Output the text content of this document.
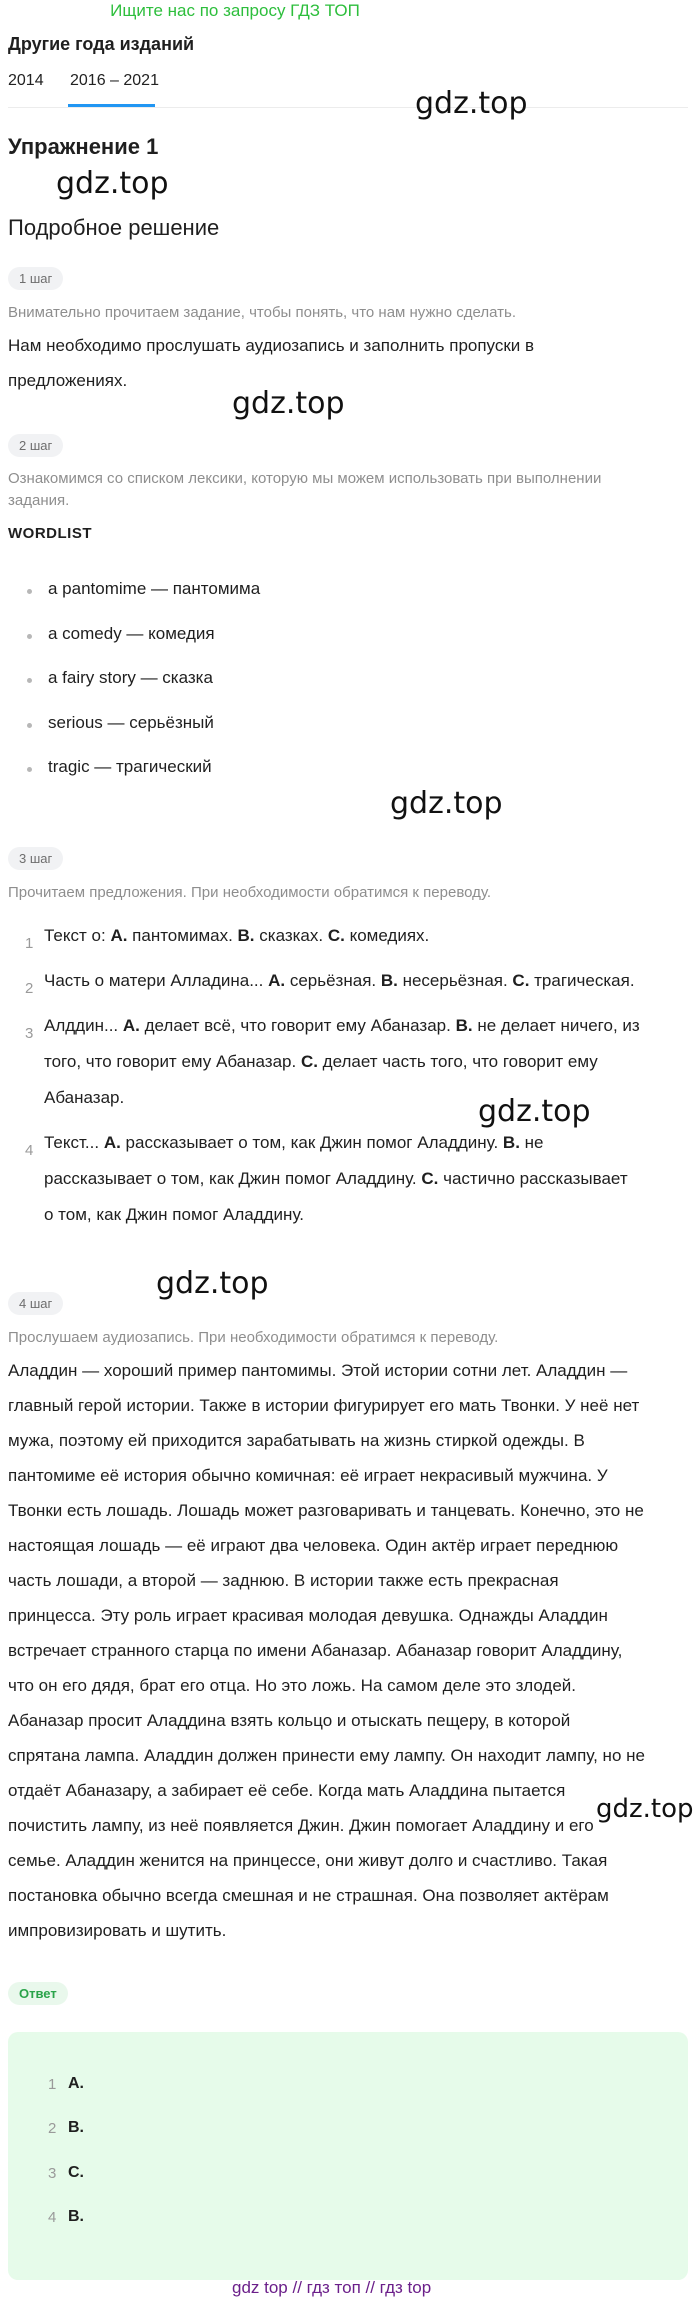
Ищите нас по запросу ГДЗ ТОП
Другие года изданий
2014 2016 – 2021
gdz.top
gdz.top
gdz.top
gdz.top
gdz.top
gdz.top
gdz.top
Упражнение 1
Подробное решение
1 шаг
Внимательно прочитаем задание, чтобы понять, что нам нужно сделать.
Нам необходимо прослушать аудиозапись и заполнить пропуски в
предложениях.
2 шаг
Ознакомимся со списком лексики, которую мы можем использовать при выполнении
задания.
WORDLIST
a pantomime — пантомима
a comedy — комедия
a fairy story — сказка
serious — серьёзный
tragic — трагический
3 шаг
Прочитаем предложения. При необходимости обратимся к переводу.
1 Текст о: A. пантомимах. B. сказках. C. комедиях.
2 Часть о матери Алладина... A. серьёзная. B. несерьёзная. C. трагическая.
3 Алддин... A. делает всё, что говорит ему Абаназар. B. не делает ничего, из
того, что говорит ему Абаназар. C. делает часть того, что говорит ему
Абаназар.
4 Текст... A. рассказывает о том, как Джин помог Аладдину. B. не
рассказывает о том, как Джин помог Аладдину. C. частично рассказывает
о том, как Джин помог Аладдину.
4 шаг
Прослушаем аудиозапись. При необходимости обратимся к переводу.
Аладдин — хороший пример пантомимы. Этой истории сотни лет. Аладдин —
главный герой истории. Также в истории фигурирует его мать Твонки. У неё нет
мужа, поэтому ей приходится зарабатывать на жизнь стиркой одежды. В
пантомиме её история обычно комичная: её играет некрасивый мужчина. У
Твонки есть лошадь. Лошадь может разговаривать и танцевать. Конечно, это не
настоящая лошадь — её играют два человека. Один актёр играет переднюю
часть лошади, а второй — заднюю. В истории также есть прекрасная
принцесса. Эту роль играет красивая молодая девушка. Однажды Аладдин
встречает странного старца по имени Абаназар. Абаназар говорит Аладдину,
что он его дядя, брат его отца. Но это ложь. На самом деле это злодей.
Абаназар просит Аладдина взять кольцо и отыскать пещеру, в которой
спрятана лампа. Аладдин должен принести ему лампу. Он находит лампу, но не
отдаёт Абаназару, а забирает её себе. Когда мать Аладдина пытается
почистить лампу, из неё появляется Джин. Джин помогает Аладдину и его
семье. Аладдин женится на принцессе, они живут долго и счастливо. Такая
постановка обычно всегда смешная и не страшная. Она позволяет актёрам
импровизировать и шутить.
Ответ
1 A.
2 B.
3 C.
4 B.
gdz top // гдз топ // гдз top
